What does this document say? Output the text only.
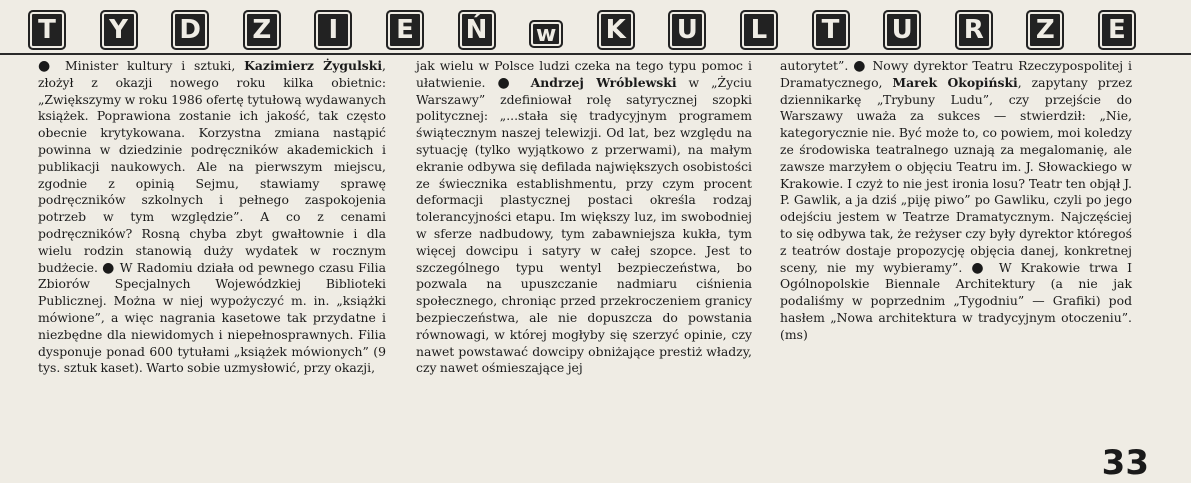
T	Y	D	Z	I	E	Ń	w	K	U	L	T	U	R	Z	E

● Minister kultury i sztuki, Kazimierz Żygulski, złożył z okazji nowego roku kilka obietnic: „Zwiększymy w roku 1986 ofertę tytułową wydawanych książek. Poprawiona zostanie ich jakość, tak często obecnie krytykowana. Korzystna zmiana nastąpić powinna w dziedzinie podręczników akademickich i publikacji naukowych. Ale na pierwszym miejscu, zgodnie z opinią Sejmu, stawiamy sprawę podręczników szkolnych i pełnego zaspokojenia potrzeb w tym względzie”. A co z cenami podręczników? Rosną chyba zbyt gwałtownie i dla wielu rodzin stanowią duży wydatek w rocznym budżecie. ● W Radomiu działa od pewnego czasu Filia Zbiorów Specjalnych Wojewódzkiej Biblioteki Publicznej. Można w niej wypożyczyć m. in. „książki mówione”, a więc nagrania kasetowe tak przydatne i niezbędne dla niewidomych i niepełnosprawnych. Filia dysponuje ponad 600 tytułami „książek mówionych” (9 tys. sztuk kaset). Warto sobie uzmysłowić, przy okazji,

jak wielu w Polsce ludzi czeka na tego typu pomoc i ułatwienie. ● Andrzej Wróblewski w „Życiu Warszawy” zdefiniował rolę satyrycznej szopki politycznej: „...stała się tradycyjnym programem świątecznym naszej telewizji. Od lat, bez względu na sytuację (tylko wyjątkowo z przerwami), na małym ekranie odbywa się defilada największych osobistości ze świecznika establishmentu, przy czym procent deformacji plastycznej postaci określa rodzaj tolerancyjności etapu. Im większy luz, im swobodniej w sferze nadbudowy, tym zabawniejsza kukła, tym więcej dowcipu i satyry w całej szopce. Jest to szczególnego typu wentyl bezpieczeństwa, bo pozwala na upuszczanie nadmiaru ciśnienia społecznego, chroniąc przed przekroczeniem granicy bezpieczeństwa, ale nie dopuszcza do powstania równowagi, w której mogłyby się szerzyć opinie, czy nawet powstawać dowcipy obniżające prestiż władzy, czy nawet ośmieszające jej

autorytet”. ● Nowy dyrektor Teatru Rzeczypospolitej i Dramatycznego, Marek Okopiński, zapytany przez dziennikarkę „Trybuny Ludu”, czy przejście do Warszawy uważa za sukces — stwierdził: „Nie, kategorycznie nie. Być może to, co powiem, moi koledzy ze środowiska teatralnego uznają za megalomanię, ale zawsze marzyłem o objęciu Teatru im. J. Słowackiego w Krakowie. I czyż to nie jest ironia losu? Teatr ten objął J. P. Gawlik, a ja dziś „piję piwo” po Gawliku, czyli po jego odejściu jestem w Teatrze Dramatycznym. Najczęściej to się odbywa tak, że reżyser czy były dyrektor któregoś z teatrów dostaje propozycję objęcia danej, konkretnej sceny, nie my wybieramy”. ● W Krakowie trwa I Ogólnopolskie Biennale Architektury (a nie jak podaliśmy w poprzednim „Tygodniu” — Grafiki) pod hasłem „Nowa architektura w tradycyjnym otoczeniu”. (ms)

33
